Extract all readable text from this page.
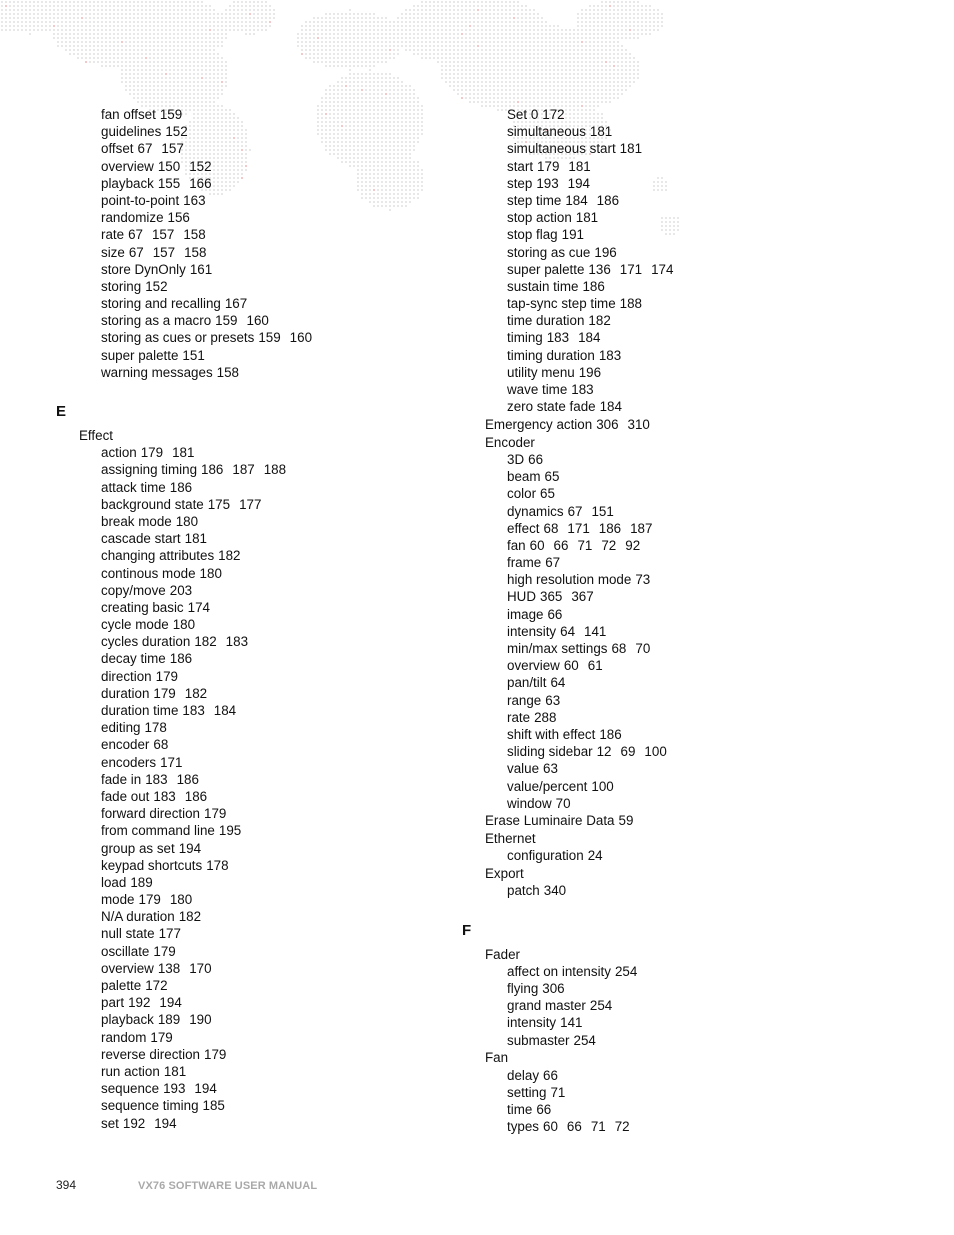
fan offset 159
guidelines 152
offset 67 157
overview 150 152
playback 155 166
point-to-point 163
randomize 156
rate 67 157 158
size 67 157 158
store DynOnly 161
storing 152
storing and recalling 167
storing as a macro 159 160
storing as cues or presets 159 160
super palette 151
warning messages 158
E
Effect
action 179 181
assigning timing 186 187 188
attack time 186
background state 175 177
break mode 180
cascade start 181
changing attributes 182
continous mode 180
copy/move 203
creating basic 174
cycle mode 180
cycles duration 182 183
decay time 186
direction 179
duration 179 182
duration time 183 184
editing 178
encoder 68
encoders 171
fade in 183 186
fade out 183 186
forward direction 179
from command line 195
group as set 194
keypad shortcuts 178
load 189
mode 179 180
N/A duration 182
null state 177
oscillate 179
overview 138 170
palette 172
part 192 194
playback 189 190
random 179
reverse direction 179
run action 181
sequence 193 194
sequence timing 185
set 192 194
Set 0 172
simultaneous 181
simultaneous start 181
start 179 181
step 193 194
step time 184 186
stop action 181
stop flag 191
storing as cue 196
super palette 136 171 174
sustain time 186
tap-sync step time 188
time duration 182
timing 183 184
timing duration 183
utility menu 196
wave time 183
zero state fade 184
Emergency action 306 310
Encoder
3D 66
beam 65
color 65
dynamics 67 151
effect 68 171 186 187
fan 60 66 71 72 92
frame 67
high resolution mode 73
HUD 365 367
image 66
intensity 64 141
min/max settings 68 70
overview 60 61
pan/tilt 64
range 63
rate 288
shift with effect 186
sliding sidebar 12 69 100
value 63
value/percent 100
window 70
Erase Luminaire Data 59
Ethernet
configuration 24
Export
patch 340
F
Fader
affect on intensity 254
flying 306
grand master 254
intensity 141
submaster 254
Fan
delay 66
setting 71
time 66
types 60 66 71 72
394	VX76 SOFTWARE USER MANUAL
